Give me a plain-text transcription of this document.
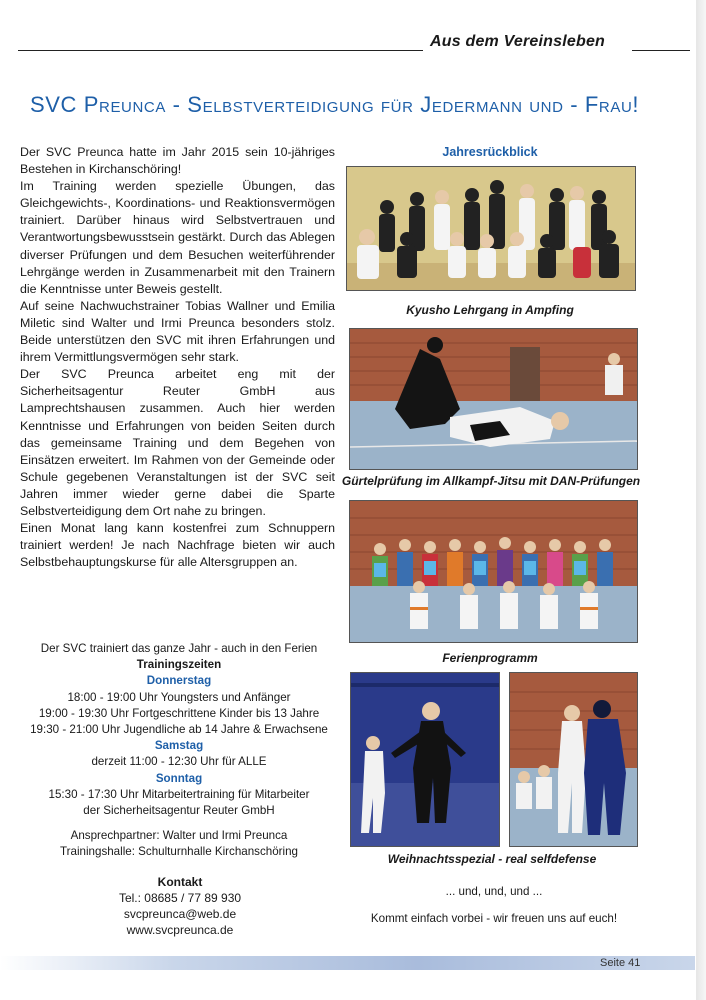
Aus dem Vereinsleben
SVC Preunca - Selbstverteidigung für Jedermann und - Frau!

Der SVC Preunca hatte im Jahr 2015 sein 10-jähriges Bestehen in Kirchanschöring!

Im Training werden spezielle Übungen, das Gleichgewichts-, Koordinations- und Reaktionsvermögen trainiert. Darüber hinaus wird Selbstvertrauen und Verantwortungsbewusstsein gestärkt. Durch das Ablegen diverser Prüfungen und dem Besuchen weiterführender Lehrgänge werden in Zusammenarbeit mit den Trainern die Kenntnisse unter Beweis gestellt.

Auf seine Nachwuchstrainer Tobias Wallner und Emilia Miletic sind Walter und Irmi Preunca besonders stolz. Beide unterstützen den SVC mit ihren Erfahrungen und ihrem Vermittlungsvermögen sehr stark.

Der SVC Preunca arbeitet eng mit der Sicherheitsagentur Reuter GmbH aus Lamprechtshausen zusammen. Auch hier werden Kenntnisse und Erfahrungen von beiden Seiten durch das gemeinsame Training und dem Begehen von Einsätzen erweitert. Im Rahmen von der Gemeinde oder Schule gegebenen Veranstaltungen ist der SVC seit Jahren immer wieder gerne dabei die Sparte Selbstverteidigung dem Ort nahe zu bringen.

Einen Monat lang kann kostenfrei zum Schnuppern trainiert werden! Je nach Nachfrage bieten wir auch Selbstbehauptungskurse für alle Altersgruppen an.

Der SVC trainiert das ganze Jahr - auch in den Ferien
Trainingszeiten
Donnerstag
18:00 - 19:00 Uhr Youngsters und Anfänger
19:00 - 19:30 Uhr Fortgeschrittene Kinder bis 13 Jahre
19:30 - 21:00 Uhr Jugendliche ab 14 Jahre & Erwachsene
Samstag
derzeit 11:00 - 12:30 Uhr für ALLE
Sonntag
15:30 - 17:30 Uhr Mitarbeitertraining für Mitarbeiter
der Sicherheitsagentur Reuter GmbH
Ansprechpartner: Walter und Irmi Preunca
Trainingshalle: Schulturnhalle Kirchanschöring
Kontakt
Tel.: 08685 / 77 89 930
svcpreunca@web.de
www.svcpreunca.de
Jahresrückblick
Kyusho Lehrgang in Ampfing
Gürtelprüfung im Allkampf-Jitsu mit DAN-Prüfungen
Ferienprogramm
Weihnachtsspezial - real selfdefense
... und, und, und ...
Kommt einfach vorbei - wir freuen uns auf euch!
Seite 41
